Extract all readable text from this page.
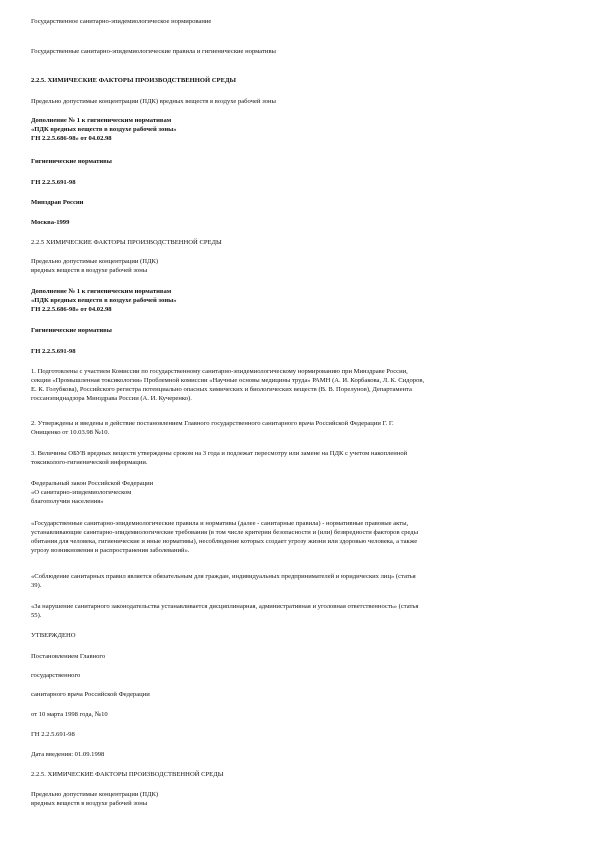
Государственное санитарно-эпидемиологическое нормирование

Государственные санитарно-эпидемиологические правила и гигиенические нормативы

2.2.5. ХИМИЧЕСКИЕ ФАКТОРЫ ПРОИЗВОДСТВЕННОЙ СРЕДЫ

Предельно допустимые концентрации (ПДК) вредных веществ в воздухе рабочей зоны

Дополнение № 1 к гигиеническим нормативам
«ПДК вредных веществ в воздухе рабочей зоны»
ГН 2.2.5.686-98» от 04.02.98

Гигиенические нормативы

ГН 2.2.5.691-98

Минздрав России

Москва-1999

2.2.5 ХИМИЧЕСКИЕ ФАКТОРЫ ПРОИЗВОДСТВЕННОЙ СРЕДЫ

Предельно допустимые концентрации (ПДК)
вредных веществ в воздухе рабочей зоны

Дополнение № 1 к гигиеническим нормативам
«ПДК вредных веществ в воздухе рабочей зоны»
ГН 2.2.5.686-98» от 04.02.98

Гигиенические нормативы

ГН 2.2.5.691-98

1. Подготовлены с участием Комиссии по государственному санитарно-эпидемиологическому нормированию при Минздраве России,
секции «Промышленная токсикология» Проблемной комиссии «Научные основы медицины труда» РАМН (А. И. Корбакова, Л. К. Сидоров,
Е. К. Голубкова), Российского регистра потенциально опасных химических и биологических веществ (В. В. Порелунов), Департамента
госсанэпиднадзора Минздрава России (А. И. Кучеренко).

2. Утверждены и введены в действие постановлением Главного государственного санитарного врача Российской Федерации Г. Г.
Онищенко от 10.03.98 №10.

3. Величины ОБУВ вредных веществ утверждены сроком на 3 года и подлежат пересмотру или замене на ПДК с учетом накопленной
токсиколого-гигиенической информации.

Федеральный закон Российской Федерации
«О санитарно-эпидемиологическом
благополучии населения»

«Государственные санитарно-эпидемиологические правила и нормативы (далее - санитарные правила) - нормативные правовые акты,
устанавливающие санитарно-эпидемиологические требования (в том числе критерии безопасности и (или) безвредности факторов среды
обитания для человека, гигиенические и иные нормативы), несоблюдение которых создает угрозу жизни или здоровью человека, а также
угрозу возникновения и распространения заболеваний».

«Соблюдение санитарных правил является обязательным для граждан, индивидуальных предпринимателей и юридических лиц» (статья
39).

«За нарушение санитарного законодательства устанавливается дисциплинарная, административная и уголовная ответственность» (статья
55).

УТВЕРЖДЕНО

Постановлением Главного

государственного

санитарного врача Российской Федерации

от 10 марта 1998 года, №10

ГН 2.2.5.691-98

Дата введения: 01.09.1998

2.2.5. ХИМИЧЕСКИЕ ФАКТОРЫ ПРОИЗВОДСТВЕННОЙ СРЕДЫ

Предельно допустимые концентрации (ПДК)
вредных веществ в воздухе рабочей зоны
